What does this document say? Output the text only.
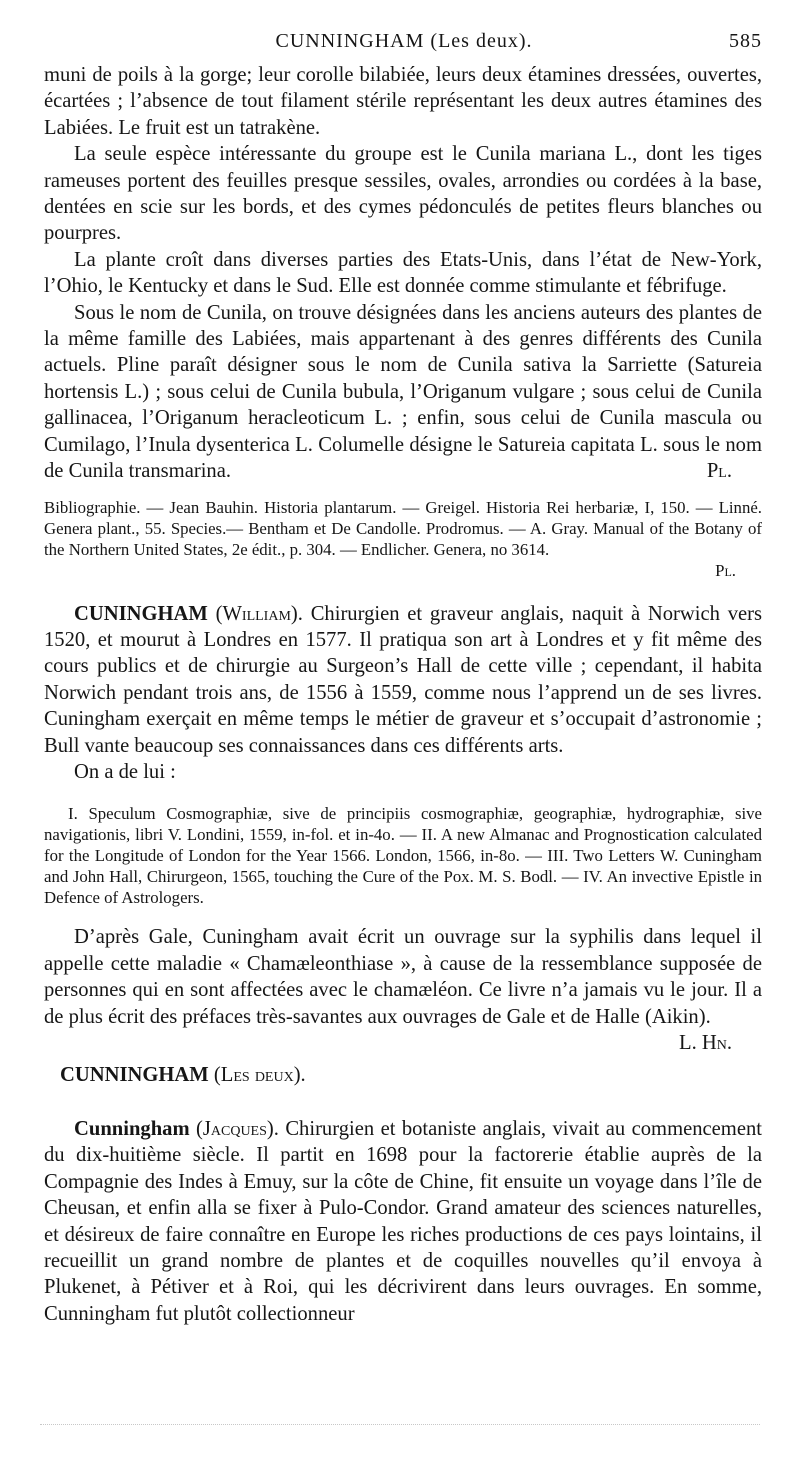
CUNNINGHAM (Les deux).	585

muni de poils à la gorge; leur corolle bilabiée, leurs deux étamines dressées, ouvertes, écartées ; l’absence de tout filament stérile représentant les deux autres étamines des Labiées. Le fruit est un tatrakène.

La seule espèce intéressante du groupe est le Cunila mariana L., dont les tiges rameuses portent des feuilles presque sessiles, ovales, arrondies ou cordées à la base, dentées en scie sur les bords, et des cymes pédonculés de petites fleurs blanches ou pourpres.

La plante croît dans diverses parties des Etats-Unis, dans l’état de New-York, l’Ohio, le Kentucky et dans le Sud. Elle est donnée comme stimulante et fébrifuge.

Sous le nom de Cunila, on trouve désignées dans les anciens auteurs des plantes de la même famille des Labiées, mais appartenant à des genres différents des Cunila actuels. Pline paraît désigner sous le nom de Cunila sativa la Sarriette (Satureia hortensis L.) ; sous celui de Cunila bubula, l’Origanum vulgare ; sous celui de Cunila gallinacea, l’Origanum heracleoticum L. ; enfin, sous celui de Cunila mascula ou Cumilago, l’Inula dysenterica L. Columelle désigne le Satureia capitata L. sous le nom de Cunila transmarina.	Pl.

Bibliographie. — Jean Bauhin. Historia plantarum. — Greigel. Historia Rei herbariæ, I, 150. — Linné. Genera plant., 55. Species.— Bentham et De Candolle. Prodromus. — A. Gray. Manual of the Botany of the Northern United States, 2e édit., p. 304. — Endlicher. Genera, no 3614.
Pl.

CUNINGHAM (William). Chirurgien et graveur anglais, naquit à Norwich vers 1520, et mourut à Londres en 1577. Il pratiqua son art à Londres et y fit même des cours publics et de chirurgie au Surgeon’s Hall de cette ville ; cependant, il habita Norwich pendant trois ans, de 1556 à 1559, comme nous l’apprend un de ses livres. Cuningham exerçait en même temps le métier de graveur et s’occupait d’astronomie ; Bull vante beaucoup ses connaissances dans ces différents arts.

On a de lui :

I. Speculum Cosmographiæ, sive de principiis cosmographiæ, geographiæ, hydrographiæ, sive navigationis, libri V. Londini, 1559, in-fol. et in-4o. — II. A new Almanac and Prognostication calculated for the Longitude of London for the Year 1566. London, 1566, in-8o. — III. Two Letters W. Cuningham and John Hall, Chirurgeon, 1565, touching the Cure of the Pox. M. S. Bodl. — IV. An invective Epistle in Defence of Astrologers.

D’après Gale, Cuningham avait écrit un ouvrage sur la syphilis dans lequel il appelle cette maladie « Chamæleonthiase », à cause de la ressemblance supposée de personnes qui en sont affectées avec le chamæléon. Ce livre n’a jamais vu le jour. Il a de plus écrit des préfaces très-savantes aux ouvrages de Gale et de Halle (Aikin).
L. Hn.

CUNNINGHAM (Les deux).

Cunningham (Jacques). Chirurgien et botaniste anglais, vivait au commencement du dix-huitième siècle. Il partit en 1698 pour la factorerie établie auprès de la Compagnie des Indes à Emuy, sur la côte de Chine, fit ensuite un voyage dans l’île de Cheusan, et enfin alla se fixer à Pulo-Condor. Grand amateur des sciences naturelles, et désireux de faire connaître en Europe les riches productions de ces pays lointains, il recueillit un grand nombre de plantes et de coquilles nouvelles qu’il envoya à Plukenet, à Pétiver et à Roi, qui les décrivirent dans leurs ouvrages. En somme, Cunningham fut plutôt collectionneur
